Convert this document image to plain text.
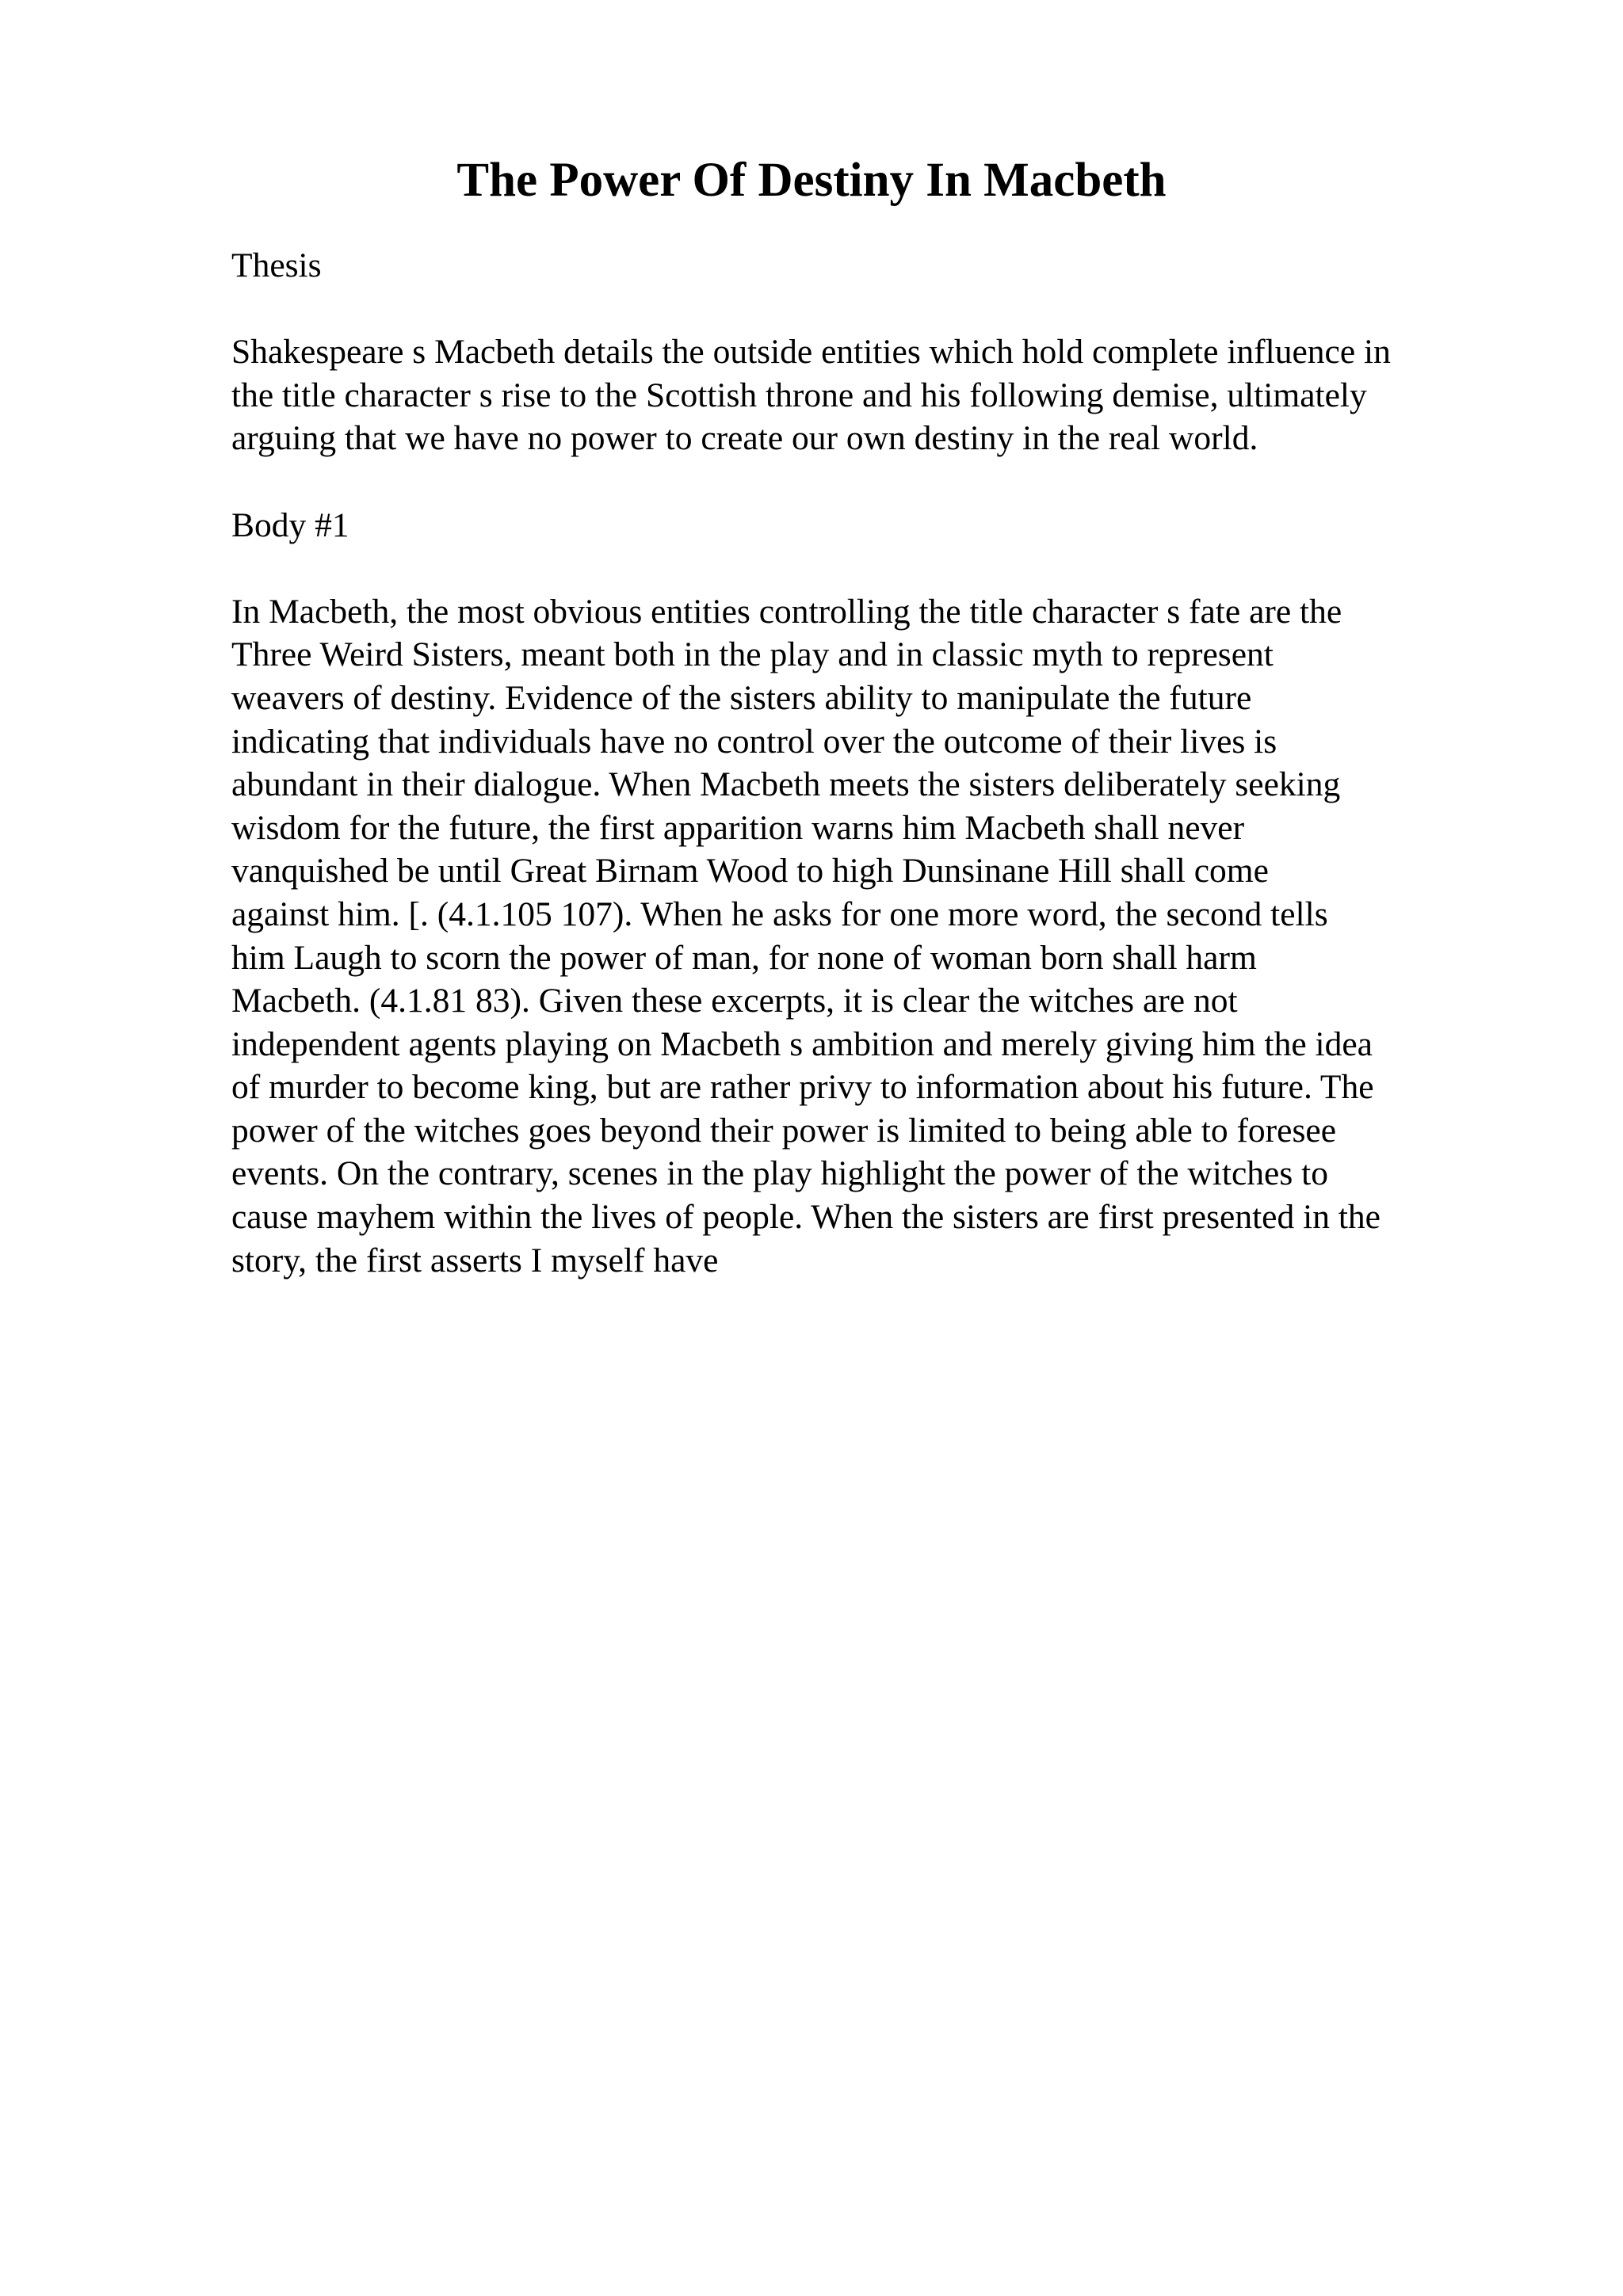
The Power Of Destiny In Macbeth

Thesis

Shakespeare s Macbeth details the outside entities which hold complete influence in
the title character s rise to the Scottish throne and his following demise, ultimately
arguing that we have no power to create our own destiny in the real world.

Body #1

In Macbeth, the most obvious entities controlling the title character s fate are the
Three Weird Sisters, meant both in the play and in classic myth to represent
weavers of destiny. Evidence of the sisters ability to manipulate the future
indicating that individuals have no control over the outcome of their lives is
abundant in their dialogue. When Macbeth meets the sisters deliberately seeking
wisdom for the future, the first apparition warns him Macbeth shall never
vanquished be until Great Birnam Wood to high Dunsinane Hill shall come
against him. [. (4.1.105 107). When he asks for one more word, the second tells
him Laugh to scorn the power of man, for none of woman born shall harm
Macbeth. (4.1.81 83). Given these excerpts, it is clear the witches are not
independent agents playing on Macbeth s ambition and merely giving him the idea
of murder to become king, but are rather privy to information about his future. The
power of the witches goes beyond their power is limited to being able to foresee
events. On the contrary, scenes in the play highlight the power of the witches to
cause mayhem within the lives of people. When the sisters are first presented in the
story, the first asserts I myself have
